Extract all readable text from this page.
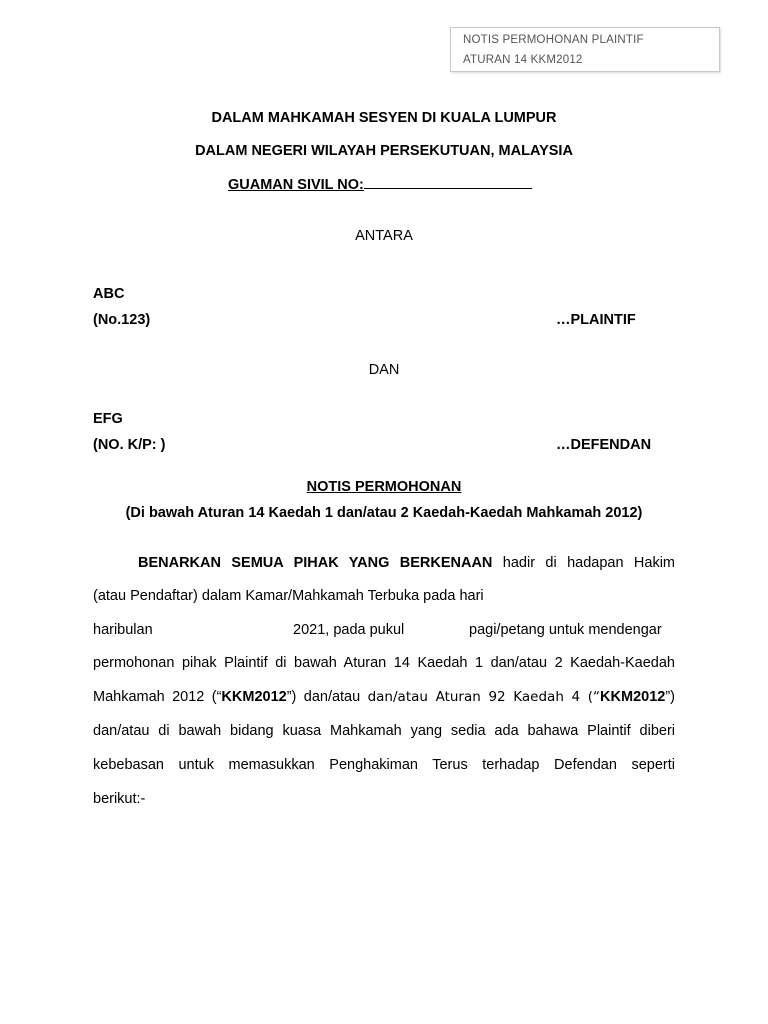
NOTIS PERMOHONAN PLAINTIF
ATURAN 14 KKM2012
DALAM MAHKAMAH SESYEN DI KUALA LUMPUR
DALAM NEGERI WILAYAH PERSEKUTUAN, MALAYSIA
GUAMAN SIVIL NO:
ANTARA
ABC
(No.123)	…PLAINTIF
DAN
EFG
(NO. K/P: )	…DEFENDAN
NOTIS PERMOHONAN
(Di bawah Aturan 14 Kaedah 1 dan/atau 2 Kaedah-Kaedah Mahkamah 2012)
BENARKAN SEMUA PIHAK YANG BERKENAAN hadir di hadapan Hakim
(atau Pendaftar) dalam Kamar/Mahkamah Terbuka pada hari
haribulan	2021, pada pukul	pagi/petang untuk mendengar
permohonan pihak Plaintif di bawah Aturan 14 Kaedah 1 dan/atau 2 Kaedah-Kaedah
Mahkamah 2012 (“KKM2012”) dan/atau dan/atau Aturan 92 Kaedah 4 (“KKM2012”)
dan/atau di bawah bidang kuasa Mahkamah yang sedia ada bahawa Plaintif diberi
kebebasan untuk memasukkan Penghakiman Terus terhadap Defendan seperti
berikut:-
